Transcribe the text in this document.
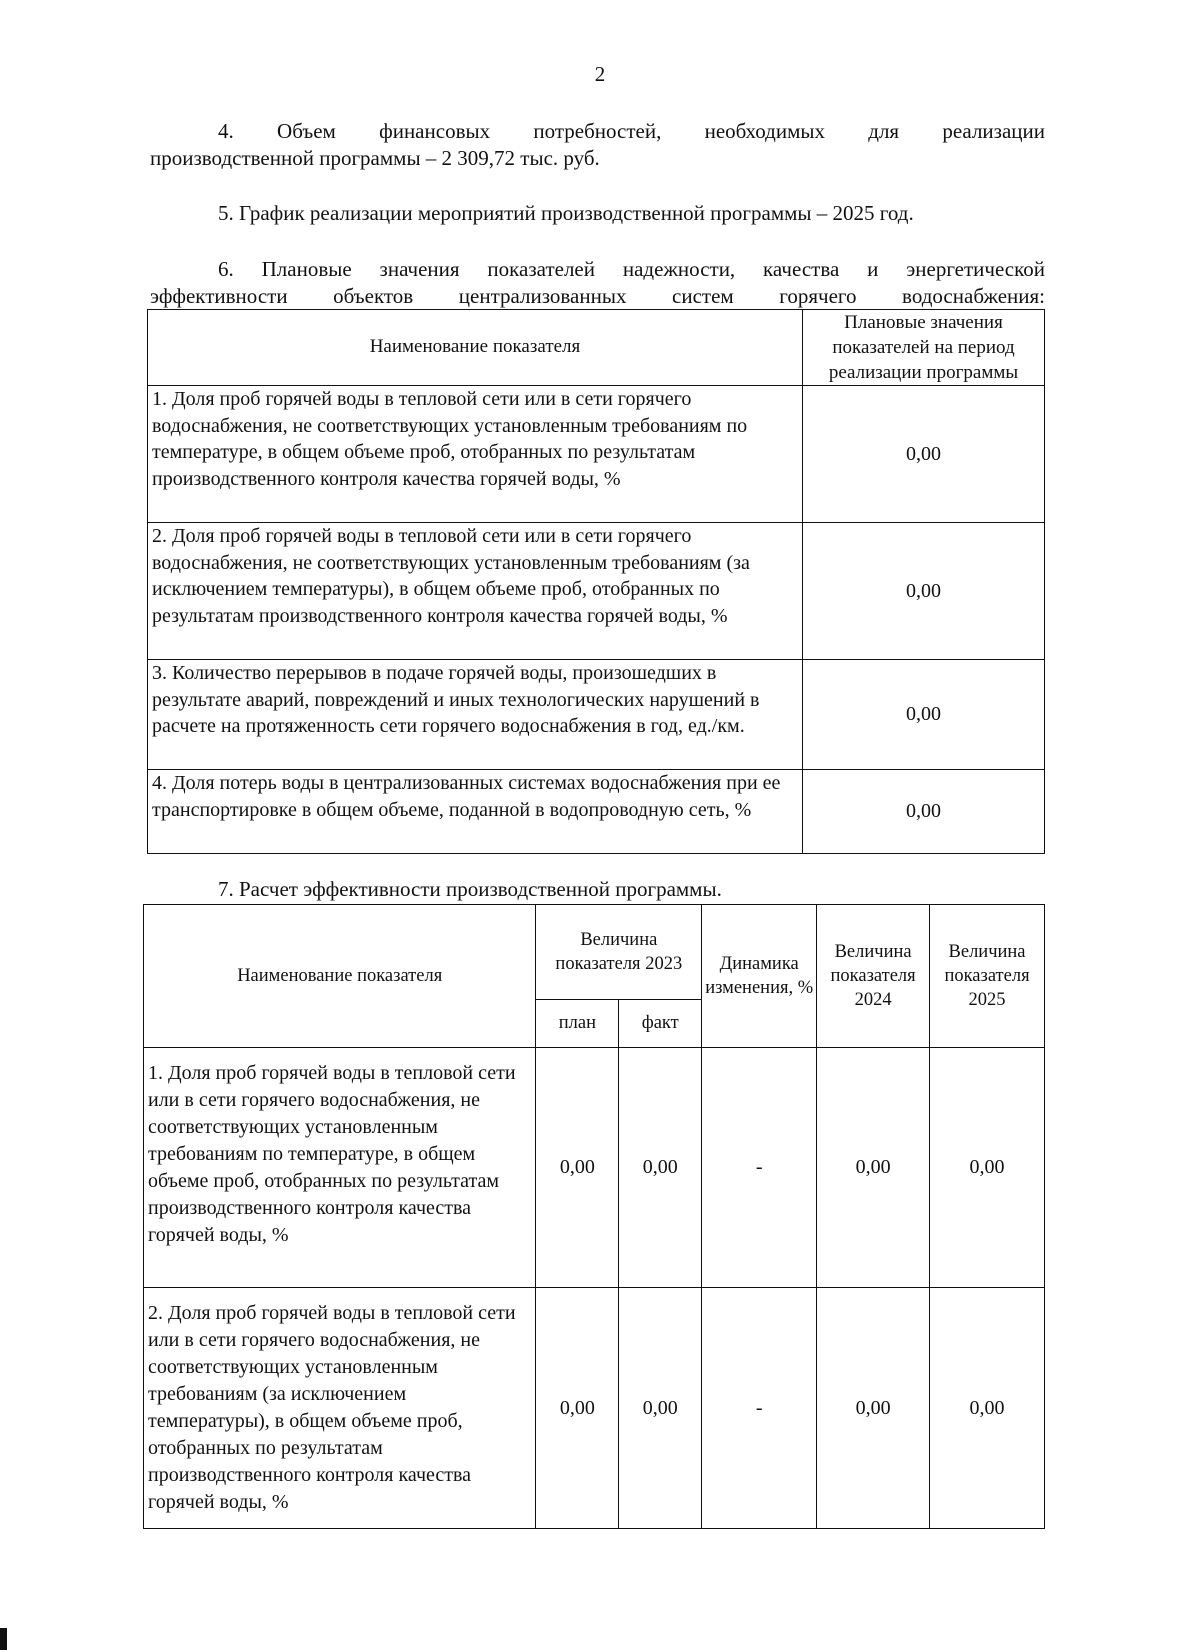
2

4. Объем финансовых потребностей, необходимых для реализации
производственной программы – 2 309,72 тыс. руб.

5. График реализации мероприятий производственной программы – 2025 год.

6. Плановые значения показателей надежности, качества и энергетической
эффективности объектов централизованных систем горячего водоснабжения:

Наименование показателя	Плановые значения показателей на период реализации программы
1. Доля проб горячей воды в тепловой сети или в сети горячего водоснабжения, не соответствующих установленным требованиям по температуре, в общем объеме проб, отобранных по результатам производственного контроля качества горячей воды, %	0,00
2. Доля проб горячей воды в тепловой сети или в сети горячего водоснабжения, не соответствующих установленным требованиям (за исключением температуры), в общем объеме проб, отобранных по результатам производственного контроля качества горячей воды, %	0,00
3. Количество перерывов в подаче горячей воды, произошедших в результате аварий, повреждений и иных технологических нарушений в расчете на протяженность сети горячего водоснабжения в год, ед./км.	0,00
4. Доля потерь воды в централизованных системах водоснабжения при ее транспортировке в общем объеме, поданной в водопроводную сеть, %	0,00

7. Расчет эффективности производственной программы.

Наименование показателя	Величина показателя 2023		Динамика изменения, %	Величина показателя 2024	Величина показателя 2025
	план	факт			
1. Доля проб горячей воды в тепловой сети или в сети горячего водоснабжения, не соответствующих установленным требованиям по температуре, в общем объеме проб, отобранных по результатам производственного контроля качества горячей воды, %	0,00	0,00	-	0,00	0,00
2. Доля проб горячей воды в тепловой сети или в сети горячего водоснабжения, не соответствующих установленным требованиям (за исключением температуры), в общем объеме проб, отобранных по результатам производственного контроля качества горячей воды, %	0,00	0,00	-	0,00	0,00
